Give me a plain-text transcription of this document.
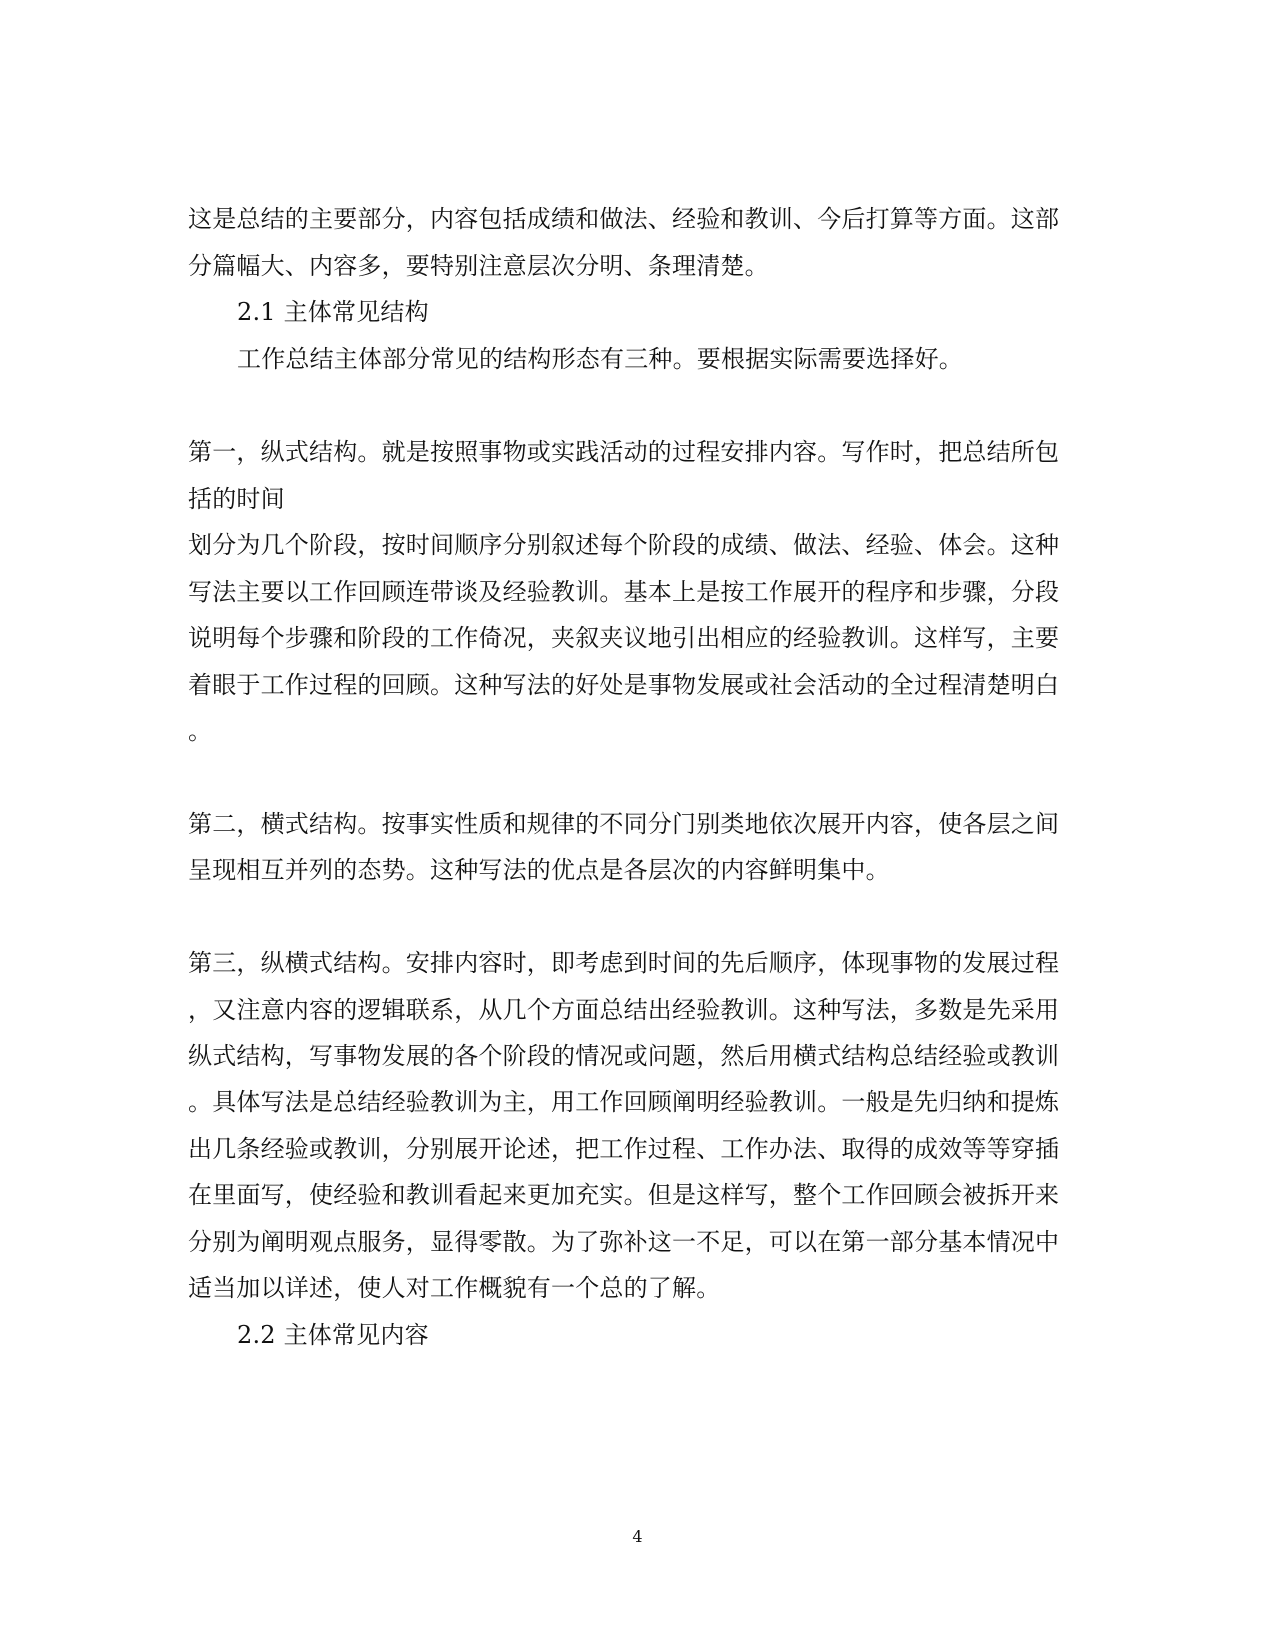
这是总结的主要部分，内容包括成绩和做法、经验和教训、今后打算等方面。这部
分篇幅大、内容多，要特别注意层次分明、条理清楚。
2.1 主体常见结构
工作总结主体部分常见的结构形态有三种。要根据实际需要选择好。
第一，纵式结构。就是按照事物或实践活动的过程安排内容。写作时，把总结所包
括的时间
划分为几个阶段，按时间顺序分别叙述每个阶段的成绩、做法、经验、体会。这种
写法主要以工作回顾连带谈及经验教训。基本上是按工作展开的程序和步骤，分段
说明每个步骤和阶段的工作倚况，夹叙夹议地引出相应的经验教训。这样写，主要
着眼于工作过程的回顾。这种写法的好处是事物发展或社会活动的全过程清楚明白
。
第二，横式结构。按事实性质和规律的不同分门别类地依次展开内容，使各层之间
呈现相互并列的态势。这种写法的优点是各层次的内容鲜明集中。
第三，纵横式结构。安排内容时，即考虑到时间的先后顺序，体现事物的发展过程
，又注意内容的逻辑联系，从几个方面总结出经验教训。这种写法，多数是先采用
纵式结构，写事物发展的各个阶段的情况或问题，然后用横式结构总结经验或教训
。具体写法是总结经验教训为主，用工作回顾阐明经验教训。一般是先归纳和提炼
出几条经验或教训，分别展开论述，把工作过程、工作办法、取得的成效等等穿插
在里面写，使经验和教训看起来更加充实。但是这样写，整个工作回顾会被拆开来
分别为阐明观点服务，显得零散。为了弥补这一不足，可以在第一部分基本情况中
适当加以详述，使人对工作概貌有一个总的了解。
2.2 主体常见内容
4
